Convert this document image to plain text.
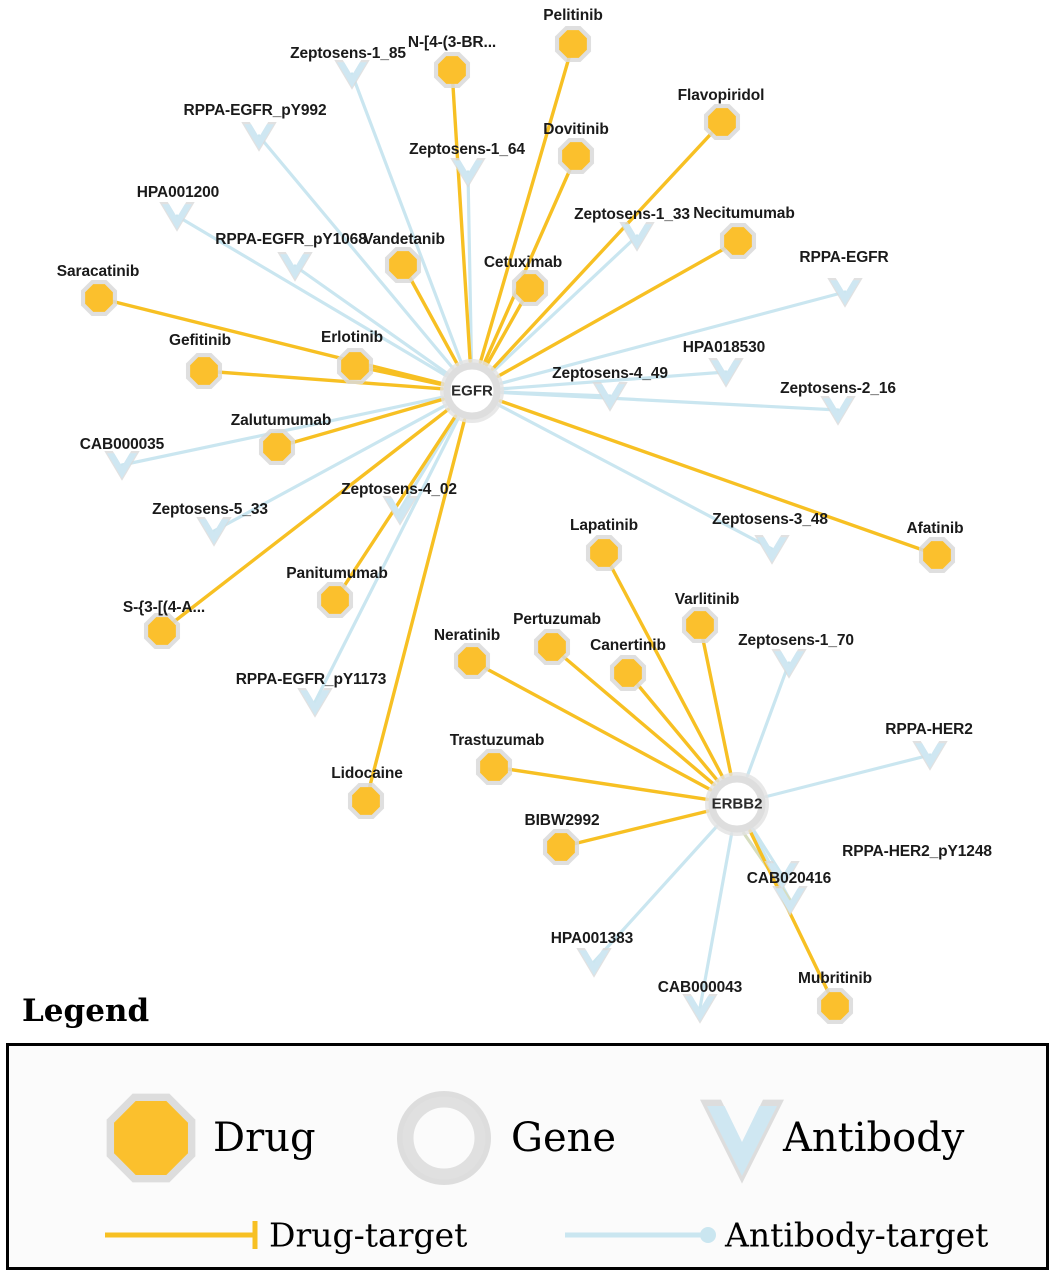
Zeptosens-1_85
RPPA-EGFR_pY992
Zeptosens-1_64
HPA001200
Zeptosens-1_33
RPPA-EGFR_pY1068
RPPA-EGFR
HPA018530
Zeptosens-4_49
Zeptosens-2_16
CAB000035
Zeptosens-4_02
Zeptosens-5_33
Zeptosens-3_48
Zeptosens-1_70
RPPA-EGFR_pY1173
RPPA-HER2
RPPA-HER2_pY1248
CAB020416
HPA001383
CAB000043
Pelitinib
N-[4-(3-BR...
Flavopiridol
Dovitinib
Necitumumab
Vandetanib
Cetuximab
Saracatinib
Gefitinib	Erlotinib
Zalutumumab
Afatinib
Lapatinib
Varlitinib
Panitumumab
S-{3-[(4-A...
Pertuzumab
Neratinib
Canertinib
Trastuzumab
Lidocaine
BIBW2992
Mubritinib
EGFR
ERBB2
Legend
Drug	Gene	Antibody
Drug-target	Antibody-target
